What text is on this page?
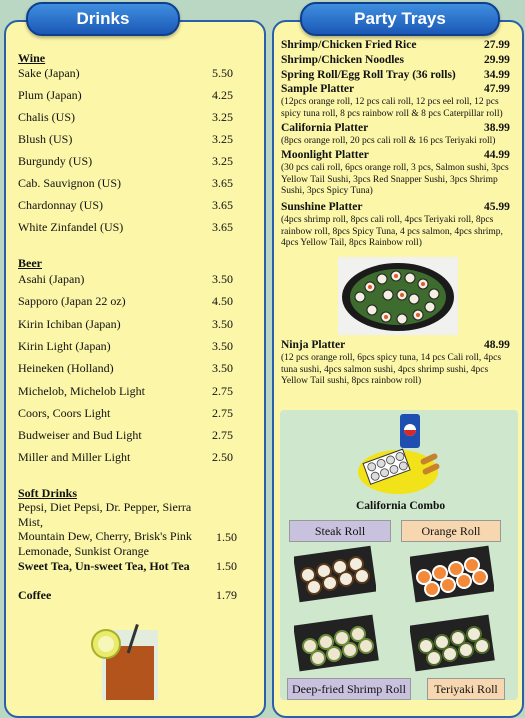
Drinks	Party Trays
Wine
Sake (Japan)	5.50
Plum (Japan)	4.25
Chalis (US)	3.25
Blush (US)	3.25
Burgundy (US)	3.25
Cab. Sauvignon (US)	3.65
Chardonnay (US)	3.65
White Zinfandel (US)	3.65
Beer
Asahi (Japan)	3.50
Sapporo (Japan 22 oz)	4.50
Kirin Ichiban (Japan)	3.50
Kirin Light (Japan)	3.50
Heineken (Holland)	3.50
Michelob, Michelob Light	2.75
Coors, Coors Light	2.75
Budweiser and Bud Light	2.75
Miller and Miller Light	2.50
Soft Drinks
Pepsi, Diet Pepsi, Dr. Pepper, Sierra Mist,
Mountain Dew, Cherry, Brisk's Pink
Lemonade, Sunkist Orange
1.50
Sweet Tea, Un-sweet Tea, Hot Tea 1.50
Coffee	1.79
Shrimp/Chicken Fried Rice	27.99
Shrimp/Chicken Noodles	29.99
Spring Roll/Egg Roll Tray (36 rolls) 34.99
Sample Platter	47.99
(12pcs orange roll, 12 pcs cali roll, 12 pcs eel roll, 12 pcs spicy tuna roll, 8 pcs rainbow roll & 8 pcs Caterpillar roll)
California Platter	38.99
(8pcs orange roll, 20 pcs cali roll & 16 pcs Teriyaki roll)
Moonlight Platter	44.99
(30 pcs cali roll, 6pcs orange roll, 3 pcs, Salmon sushi, 3pcs Yellow Tail Sushi, 3pcs Red Snapper Sushi, 3pcs Shrimp Sushi, 3pcs Spicy Tuna)
Sunshine Platter	45.99
(4pcs shrimp roll, 8pcs cali roll, 4pcs Teriyaki roll, 8pcs rainbow roll, 8pcs Spicy Tuna, 4 pcs salmon, 4pcs shrimp, 4pcs Yellow Tail, 8pcs Rainbow roll)
Ninja Platter	48.99
(12 pcs orange roll, 6pcs spicy tuna, 14 pcs Cali roll, 4pcs tuna sushi, 4pcs salmon sushi, 4pcs shrimp sushi, 4pcs Yellow Tail sushi, 8pcs rainbow roll)
California Combo
Steak Roll	Orange Roll
Deep-fried Shrimp Roll	Teriyaki Roll
